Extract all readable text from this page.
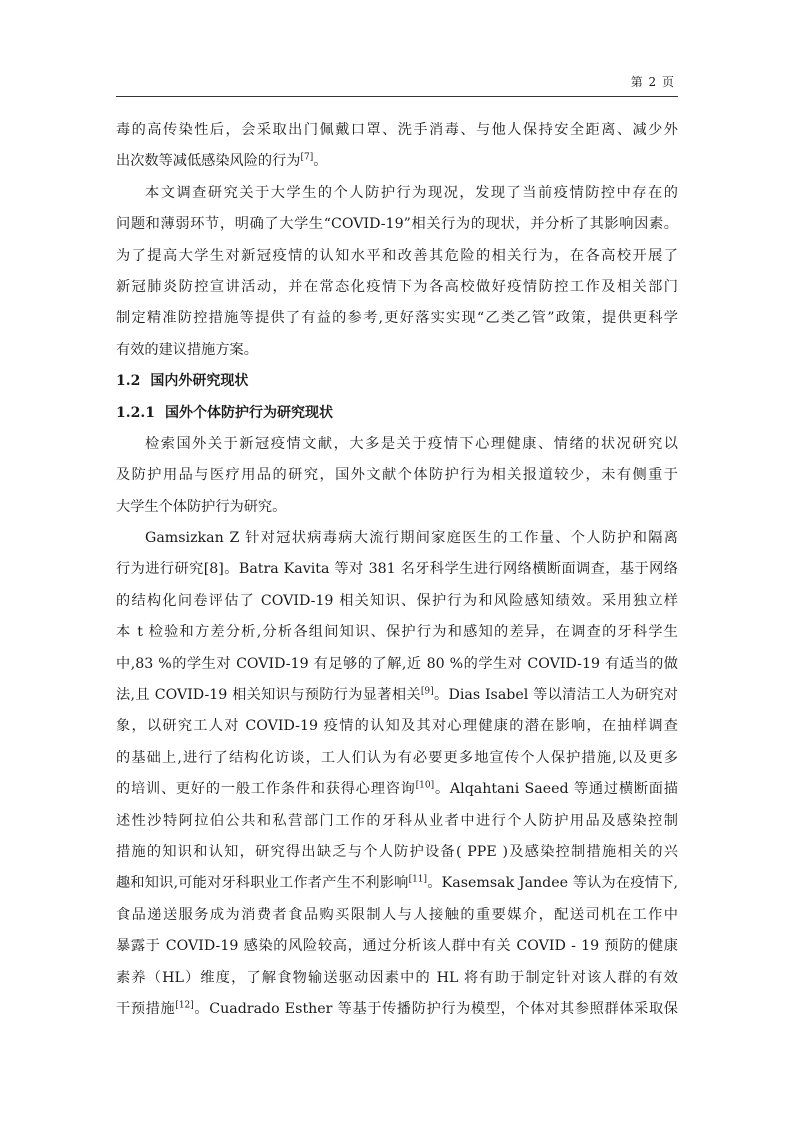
第 2 页
毒的高传染性后，会采取出门佩戴口罩、洗手消毒、与他人保持安全距离、减少外
出次数等减低感染风险的行为[7]。
本文调查研究关于大学生的个人防护行为现况，发现了当前疫情防控中存在的
问题和薄弱环节，明确了大学生“COVID-19”相关行为的现状，并分析了其影响因素。
为了提高大学生对新冠疫情的认知水平和改善其危险的相关行为，在各高校开展了
新冠肺炎防控宣讲活动，并在常态化疫情下为各高校做好疫情防控工作及相关部门
制定精准防控措施等提供了有益的参考,更好落实实现“乙类乙管”政策，提供更科学
有效的建议措施方案。
1.2 国内外研究现状
1.2.1 国外个体防护行为研究现状
检索国外关于新冠疫情文献，大多是关于疫情下心理健康、情绪的状况研究以
及防护用品与医疗用品的研究，国外文献个体防护行为相关报道较少，未有侧重于
大学生个体防护行为研究。
Gamsizkan Z 针对冠状病毒病大流行期间家庭医生的工作量、个人防护和隔离
行为进行研究[8]。Batra Kavita 等对 381 名牙科学生进行网络横断面调查，基于网络
的结构化问卷评估了 COVID-19 相关知识、保护行为和风险感知绩效。采用独立样
本 t 检验和方差分析,分析各组间知识、保护行为和感知的差异，在调查的牙科学生
中,83 %的学生对 COVID-19 有足够的了解,近 80 %的学生对 COVID-19 有适当的做
法,且 COVID-19 相关知识与预防行为显著相关[9]。Dias Isabel 等以清洁工人为研究对
象，以研究工人对 COVID-19 疫情的认知及其对心理健康的潜在影响，在抽样调查
的基础上,进行了结构化访谈，工人们认为有必要更多地宣传个人保护措施,以及更多
的培训、更好的一般工作条件和获得心理咨询[10]。Alqahtani Saeed 等通过横断面描
述性沙特阿拉伯公共和私营部门工作的牙科从业者中进行个人防护用品及感染控制
措施的知识和认知，研究得出缺乏与个人防护设备( PPE )及感染控制措施相关的兴
趣和知识,可能对牙科职业工作者产生不利影响[11]。Kasemsak Jandee 等认为在疫情下,
食品递送服务成为消费者食品购买限制人与人接触的重要媒介，配送司机在工作中
暴露于 COVID-19 感染的风险较高，通过分析该人群中有关 COVID - 19 预防的健康
素养（HL）维度，了解食物输送驱动因素中的 HL 将有助于制定针对该人群的有效
干预措施[12]。Cuadrado Esther 等基于传播防护行为模型，个体对其参照群体采取保
